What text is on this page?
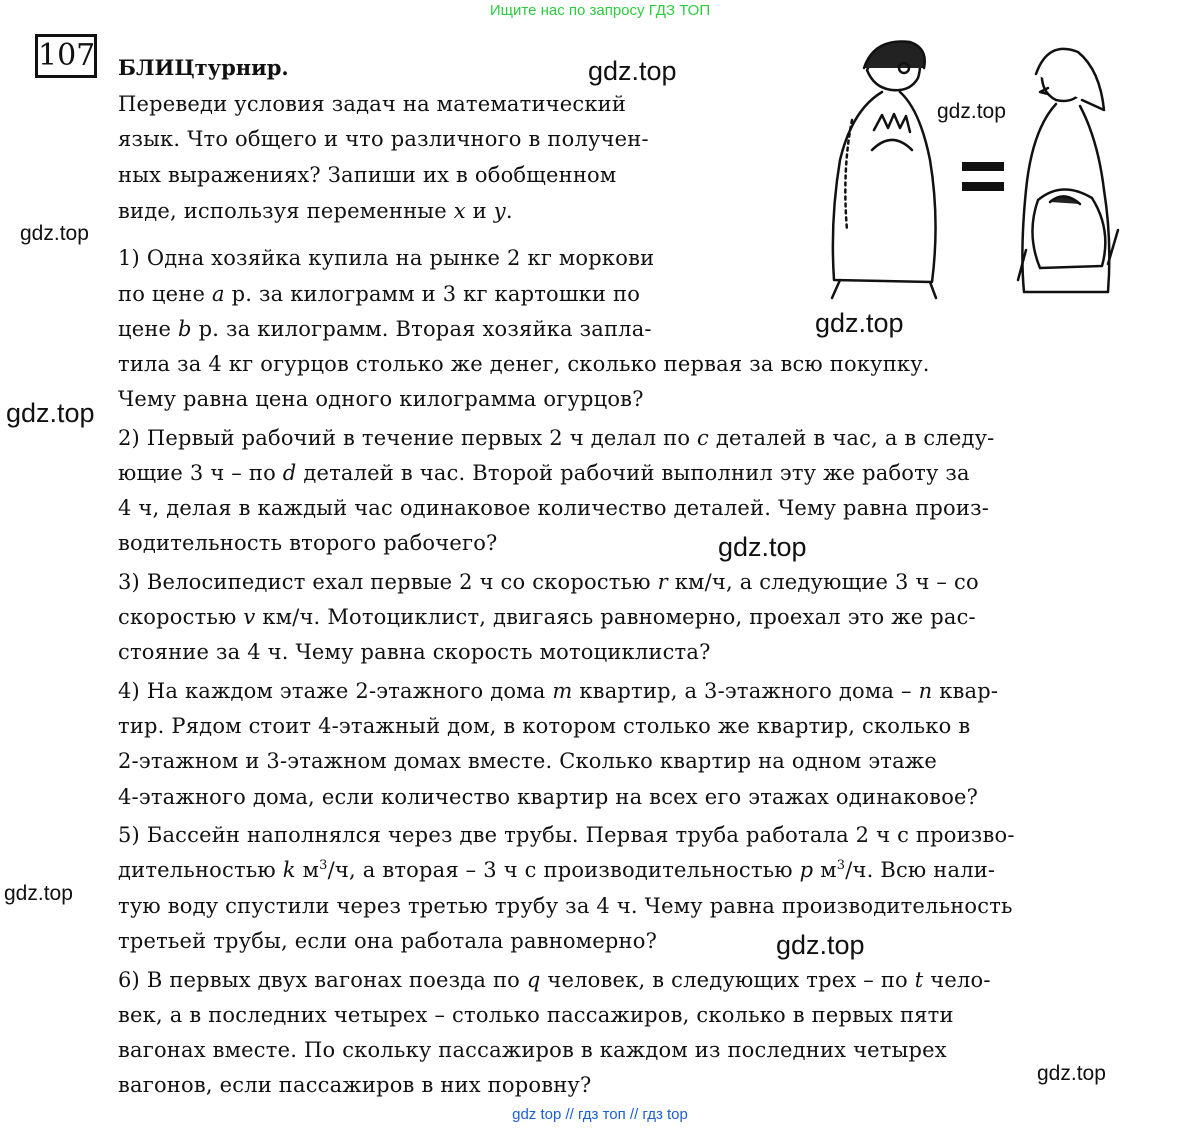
Ищите нас по запросу ГДЗ ТОП
107 БЛИЦтурнир.
Переведи условия задач на математический
язык. Что общего и что различного в получен-
ных выражениях? Запиши их в обобщенном
виде, используя переменные x и y.
1) Одна хозяйка купила на рынке 2 кг моркови
по цене a р. за килограмм и 3 кг картошки по
цене b р. за килограмм. Вторая хозяйка запла-
тила за 4 кг огурцов столько же денег, сколько первая за всю покупку.
Чему равна цена одного килограмма огурцов?
2) Первый рабочий в течение первых 2 ч делал по c деталей в час, а в следу-
ющие 3 ч – по d деталей в час. Второй рабочий выполнил эту же работу за
4 ч, делая в каждый час одинаковое количество деталей. Чему равна произ-
водительность второго рабочего?
3) Велосипедист ехал первые 2 ч со скоростью r км/ч, а следующие 3 ч – со
скоростью v км/ч. Мотоциклист, двигаясь равномерно, проехал это же рас-
стояние за 4 ч. Чему равна скорость мотоциклиста?
4) На каждом этаже 2-этажного дома m квартир, а 3-этажного дома – n квар-
тир. Рядом стоит 4-этажный дом, в котором столько же квартир, сколько в
2-этажном и 3-этажном домах вместе. Сколько квартир на одном этаже
4-этажного дома, если количество квартир на всех его этажах одинаковое?
5) Бассейн наполнялся через две трубы. Первая труба работала 2 ч с произво-
дительностью k $м^3/ч$, а вторая – 3 ч с производительностью p $м^3/ч$. Всю нали-
тую воду спустили через третью трубу за 4 ч. Чему равна производительность
третьей трубы, если она работала равномерно?
6) В первых двух вагонах поезда по q человек, в следующих трех – по t чело-
век, а в последних четырех – столько пассажиров, сколько в первых пяти
вагонах вместе. По скольку пассажиров в каждом из последних четырех
вагонов, если пассажиров в них поровну?
gdz.top
gdz.top
gdz.top
gdz.top
gdz.top
gdz.top
gdz.top
gdz.top
gdz.top
gdz top // гдз топ // гдз top
